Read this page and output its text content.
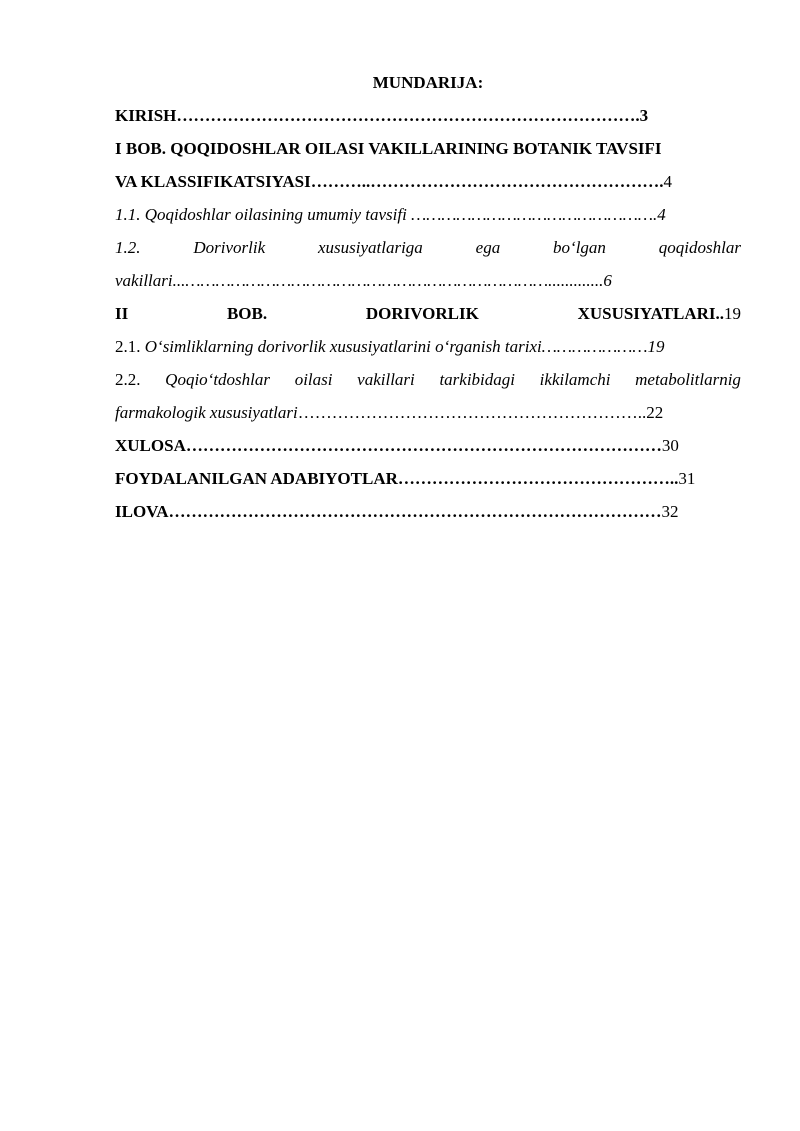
MUNDARIJA:
KIRISH……………………………………………………………………….3
I BOB. QOQIDOSHLAR OILASI VAKILLARINING BOTANIK TAVSIFI
VA KLASSIFIKATSIYASI………..…………………………………………….4
1.1. Qoqidoshlar oilasining umumiy tavsifi ………………………………………….4
1.2.	Dorivorlik	xususiyatlariga	ega	bo‘lgan	qoqidoshlar
vakillari...……………………………………………………………….............6
II	BOB.	DORIVORLIK	XUSUSIYATLARI..19
2.1. O‘simliklarning dorivorlik xususiyatlarini o‘rganish tarixi…………………19
2.2. Qoqio‘tdoshlar oilasi vakillari tarkibidagi ikkilamchi metabolitlarnig
farmakologik xususiyatlari……………………………………………………..22
XULOSA…………………………………………………………………………30
FOYDALANILGAN ADABIYOTLAR…………………………………………..31
ILOVA……………………………………………………………………………32
